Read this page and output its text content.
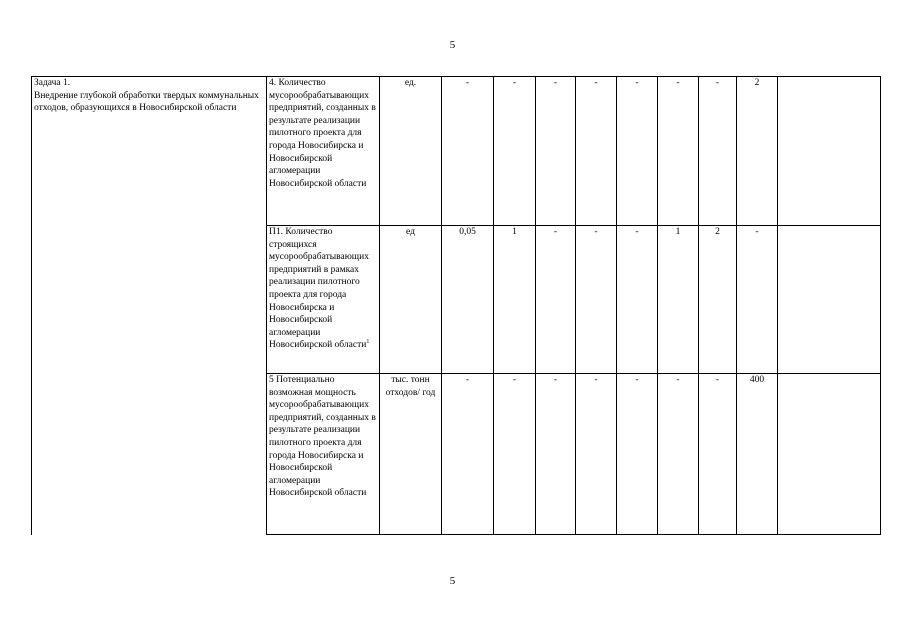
5
Задача 1.
Внедрение глубокой обработки твердых коммунальных отходов, образующихся в Новосибирской области	4. Количество мусорообрабатывающих предприятий, созданных в результате реализации пилотного проекта для города Новосибирска и Новосибирской агломерации Новосибирской области	ед.	-	-	-	-	-	-	-	2	
	П1. Количество строящихся мусорообрабатывающих предприятий в рамках реализации пилотного проекта для города Новосибирска и Новосибирской агломерации Новосибирской области$^1$	ед	0,05	1	-	-	-	1	2	-	
	5 Потенциально возможная мощность мусорообрабатывающих предприятий, созданных в результате реализации пилотного проекта для города Новосибирска и Новосибирской агломерации Новосибирской области	тыс. тонн отходов/ год	-	-	-	-	-	-	-	400	
5
